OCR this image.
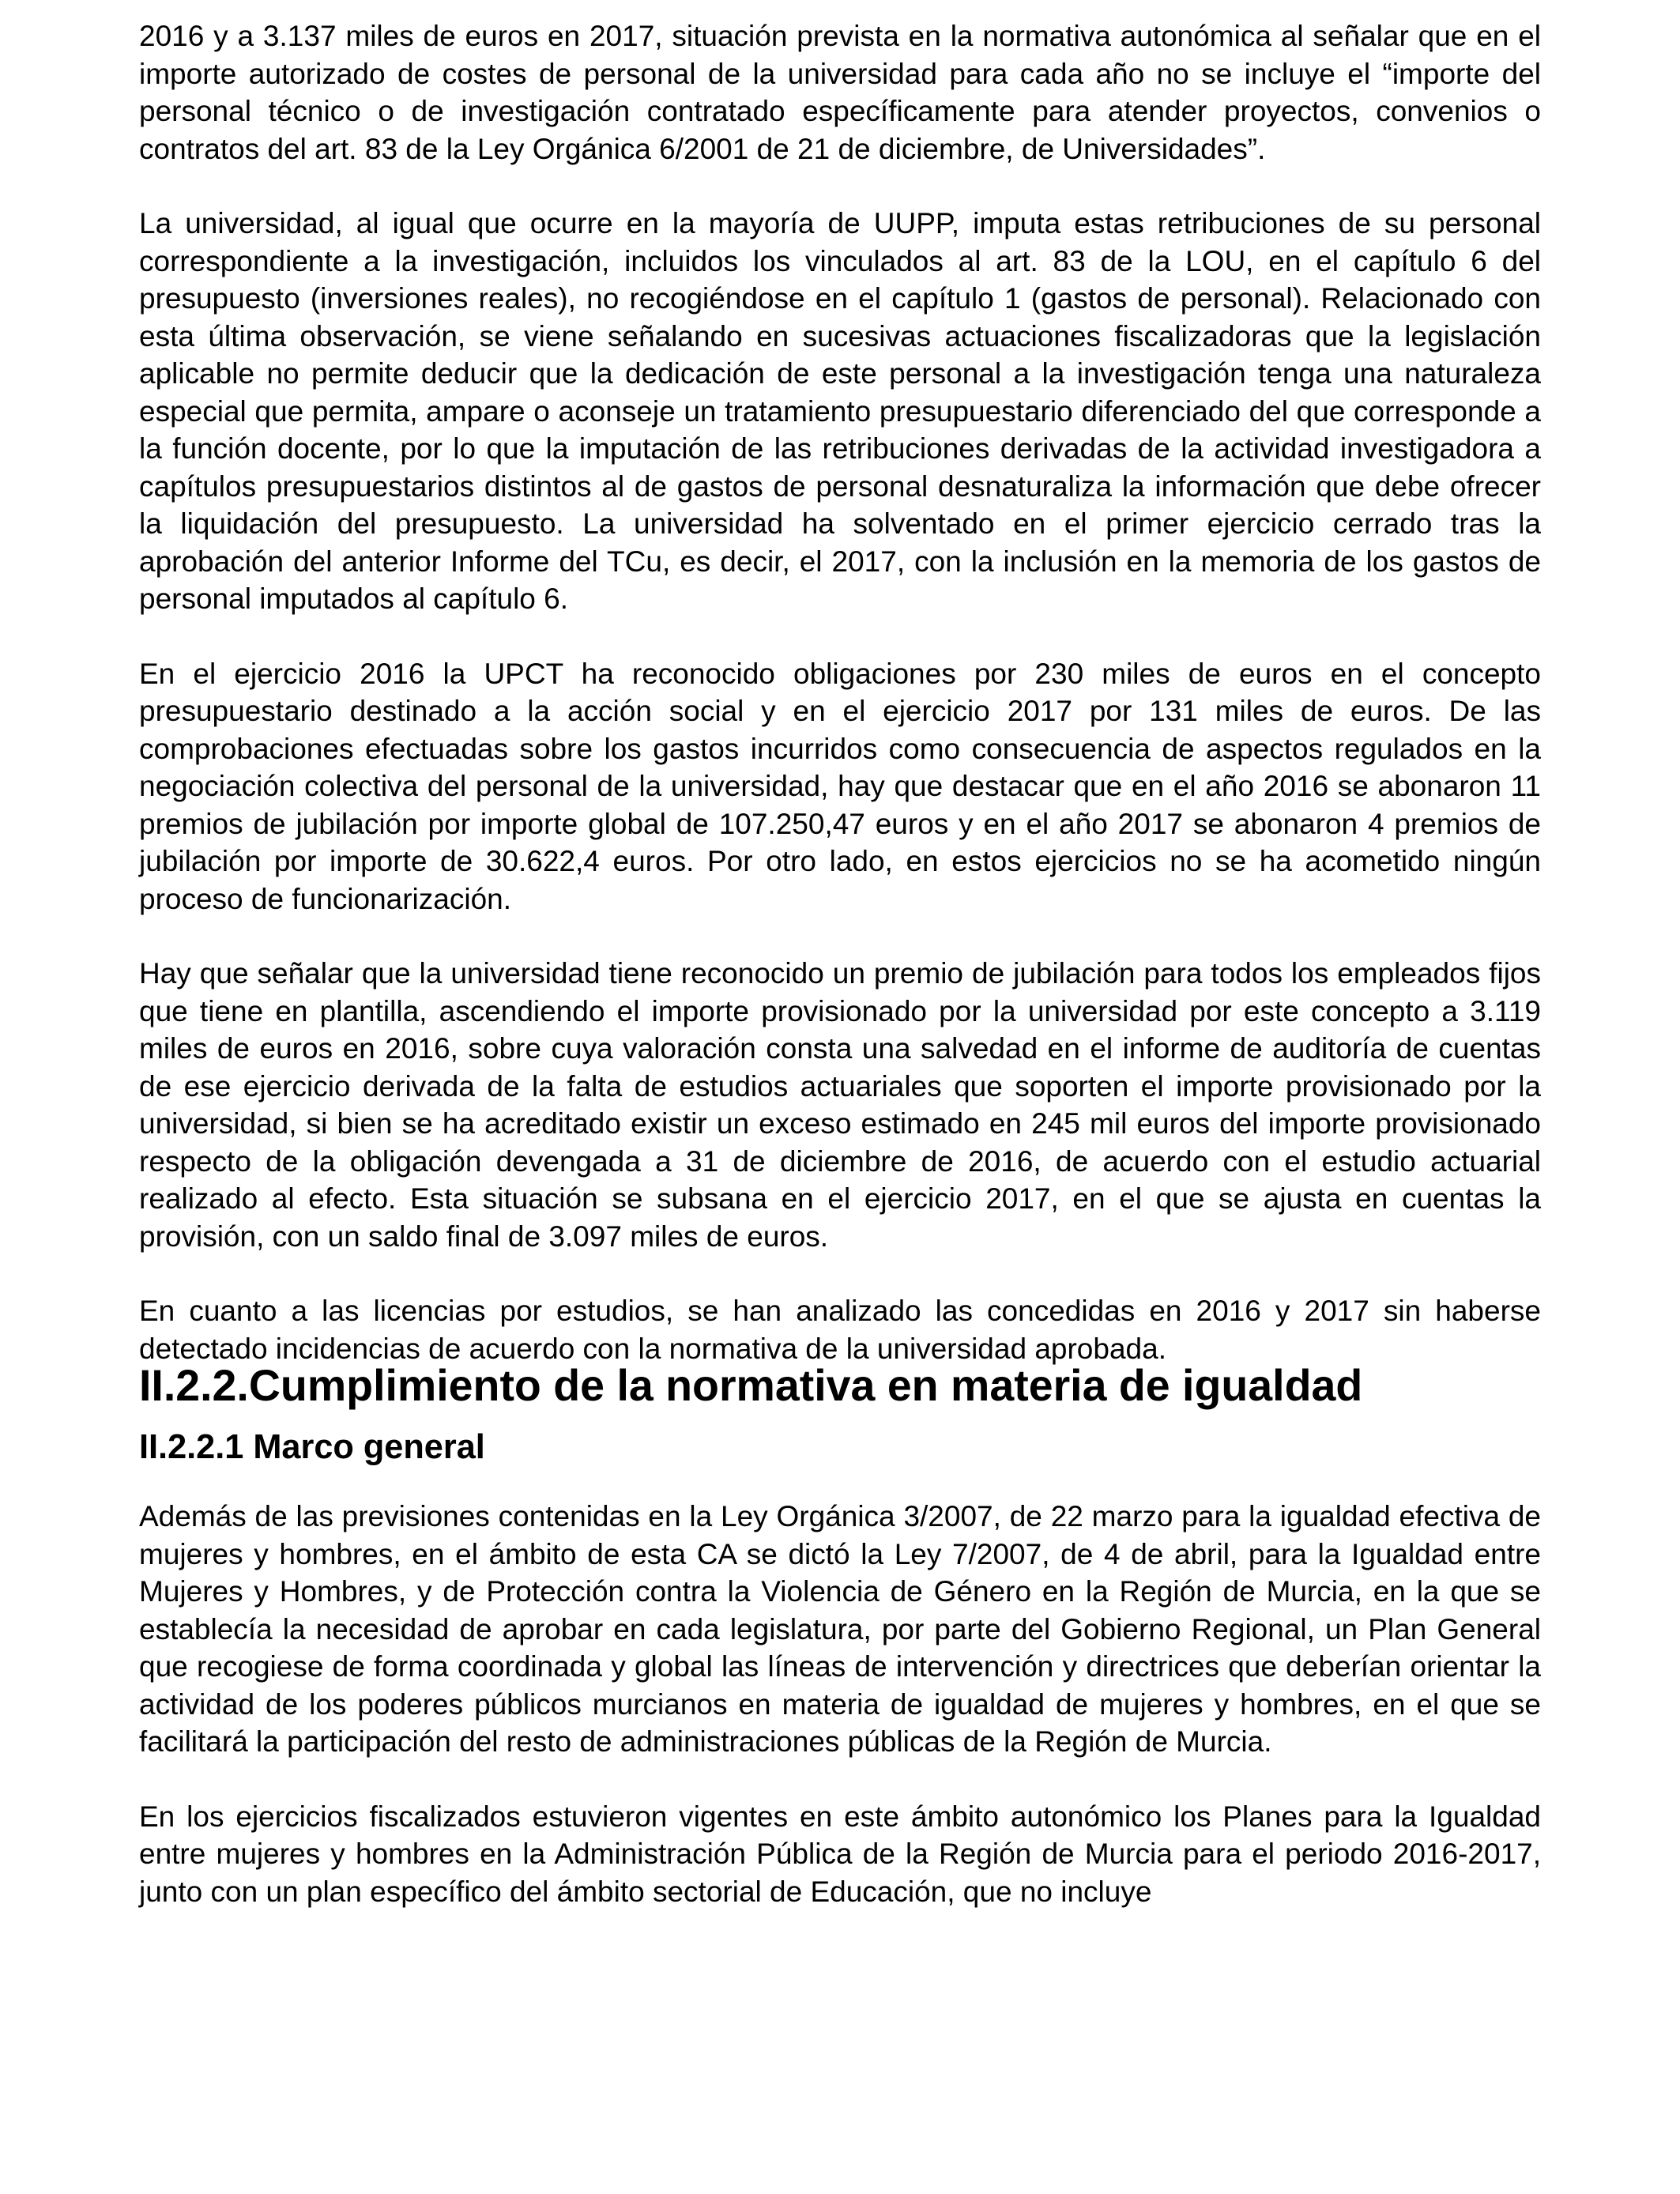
2016 y a 3.137 miles de euros en 2017, situación prevista en la normativa autonómica al señalar que en el importe autorizado de costes de personal de la universidad para cada año no se incluye el “importe del personal técnico o de investigación contratado específicamente para atender proyectos, convenios o contratos del art. 83 de la Ley Orgánica 6/2001 de 21 de diciembre, de Universidades”.

La universidad, al igual que ocurre en la mayoría de UUPP, imputa estas retribuciones de su personal correspondiente a la investigación, incluidos los vinculados al art. 83 de la LOU, en el capítulo 6 del presupuesto (inversiones reales), no recogiéndose en el capítulo 1 (gastos de personal). Relacionado con esta última observación, se viene señalando en sucesivas actuaciones fiscalizadoras que la legislación aplicable no permite deducir que la dedicación de este personal a la investigación tenga una naturaleza especial que permita, ampare o aconseje un tratamiento presupuestario diferenciado del que corresponde a la función docente, por lo que la imputación de las retribuciones derivadas de la actividad investigadora a capítulos presupuestarios distintos al de gastos de personal desnaturaliza la información que debe ofrecer la liquidación del presupuesto. La universidad ha solventado en el primer ejercicio cerrado tras la aprobación del anterior Informe del TCu, es decir, el 2017, con la inclusión en la memoria de los gastos de personal imputados al capítulo 6.

En el ejercicio 2016 la UPCT ha reconocido obligaciones por 230 miles de euros en el concepto presupuestario destinado a la acción social y en el ejercicio 2017 por 131 miles de euros. De las comprobaciones efectuadas sobre los gastos incurridos como consecuencia de aspectos regulados en la negociación colectiva del personal de la universidad, hay que destacar que en el año 2016 se abonaron 11 premios de jubilación por importe global de 107.250,47 euros y en el año 2017 se abonaron 4 premios de jubilación por importe de 30.622,4 euros. Por otro lado, en estos ejercicios no se ha acometido ningún proceso de funcionarización.

Hay que señalar que la universidad tiene reconocido un premio de jubilación para todos los empleados fijos que tiene en plantilla, ascendiendo el importe provisionado por la universidad por este concepto a 3.119 miles de euros en 2016, sobre cuya valoración consta una salvedad en el informe de auditoría de cuentas de ese ejercicio derivada de la falta de estudios actuariales que soporten el importe provisionado por la universidad, si bien se ha acreditado existir un exceso estimado en 245 mil euros del importe provisionado respecto de la obligación devengada a 31 de diciembre de 2016, de acuerdo con el estudio actuarial realizado al efecto. Esta situación se subsana en el ejercicio 2017, en el que se ajusta en cuentas la provisión, con un saldo final de 3.097 miles de euros.

En cuanto a las licencias por estudios, se han analizado las concedidas en 2016 y 2017 sin haberse detectado incidencias de acuerdo con la normativa de la universidad aprobada.

II.2.2.Cumplimiento de la normativa en materia de igualdad
II.2.2.1 Marco general

Además de las previsiones contenidas en la Ley Orgánica 3/2007, de 22 marzo para la igualdad efectiva de mujeres y hombres, en el ámbito de esta CA se dictó la Ley 7/2007, de 4 de abril, para la Igualdad entre Mujeres y Hombres, y de Protección contra la Violencia de Género en la Región de Murcia, en la que se establecía la necesidad de aprobar en cada legislatura, por parte del Gobierno Regional, un Plan General que recogiese de forma coordinada y global las líneas de intervención y directrices que deberían orientar la actividad de los poderes públicos murcianos en materia de igualdad de mujeres y hombres, en el que se facilitará la participación del resto de administraciones públicas de la Región de Murcia.

En los ejercicios fiscalizados estuvieron vigentes en este ámbito autonómico los Planes para la Igualdad entre mujeres y hombres en la Administración Pública de la Región de Murcia para el periodo 2016-2017, junto con un plan específico del ámbito sectorial de Educación, que no incluye
